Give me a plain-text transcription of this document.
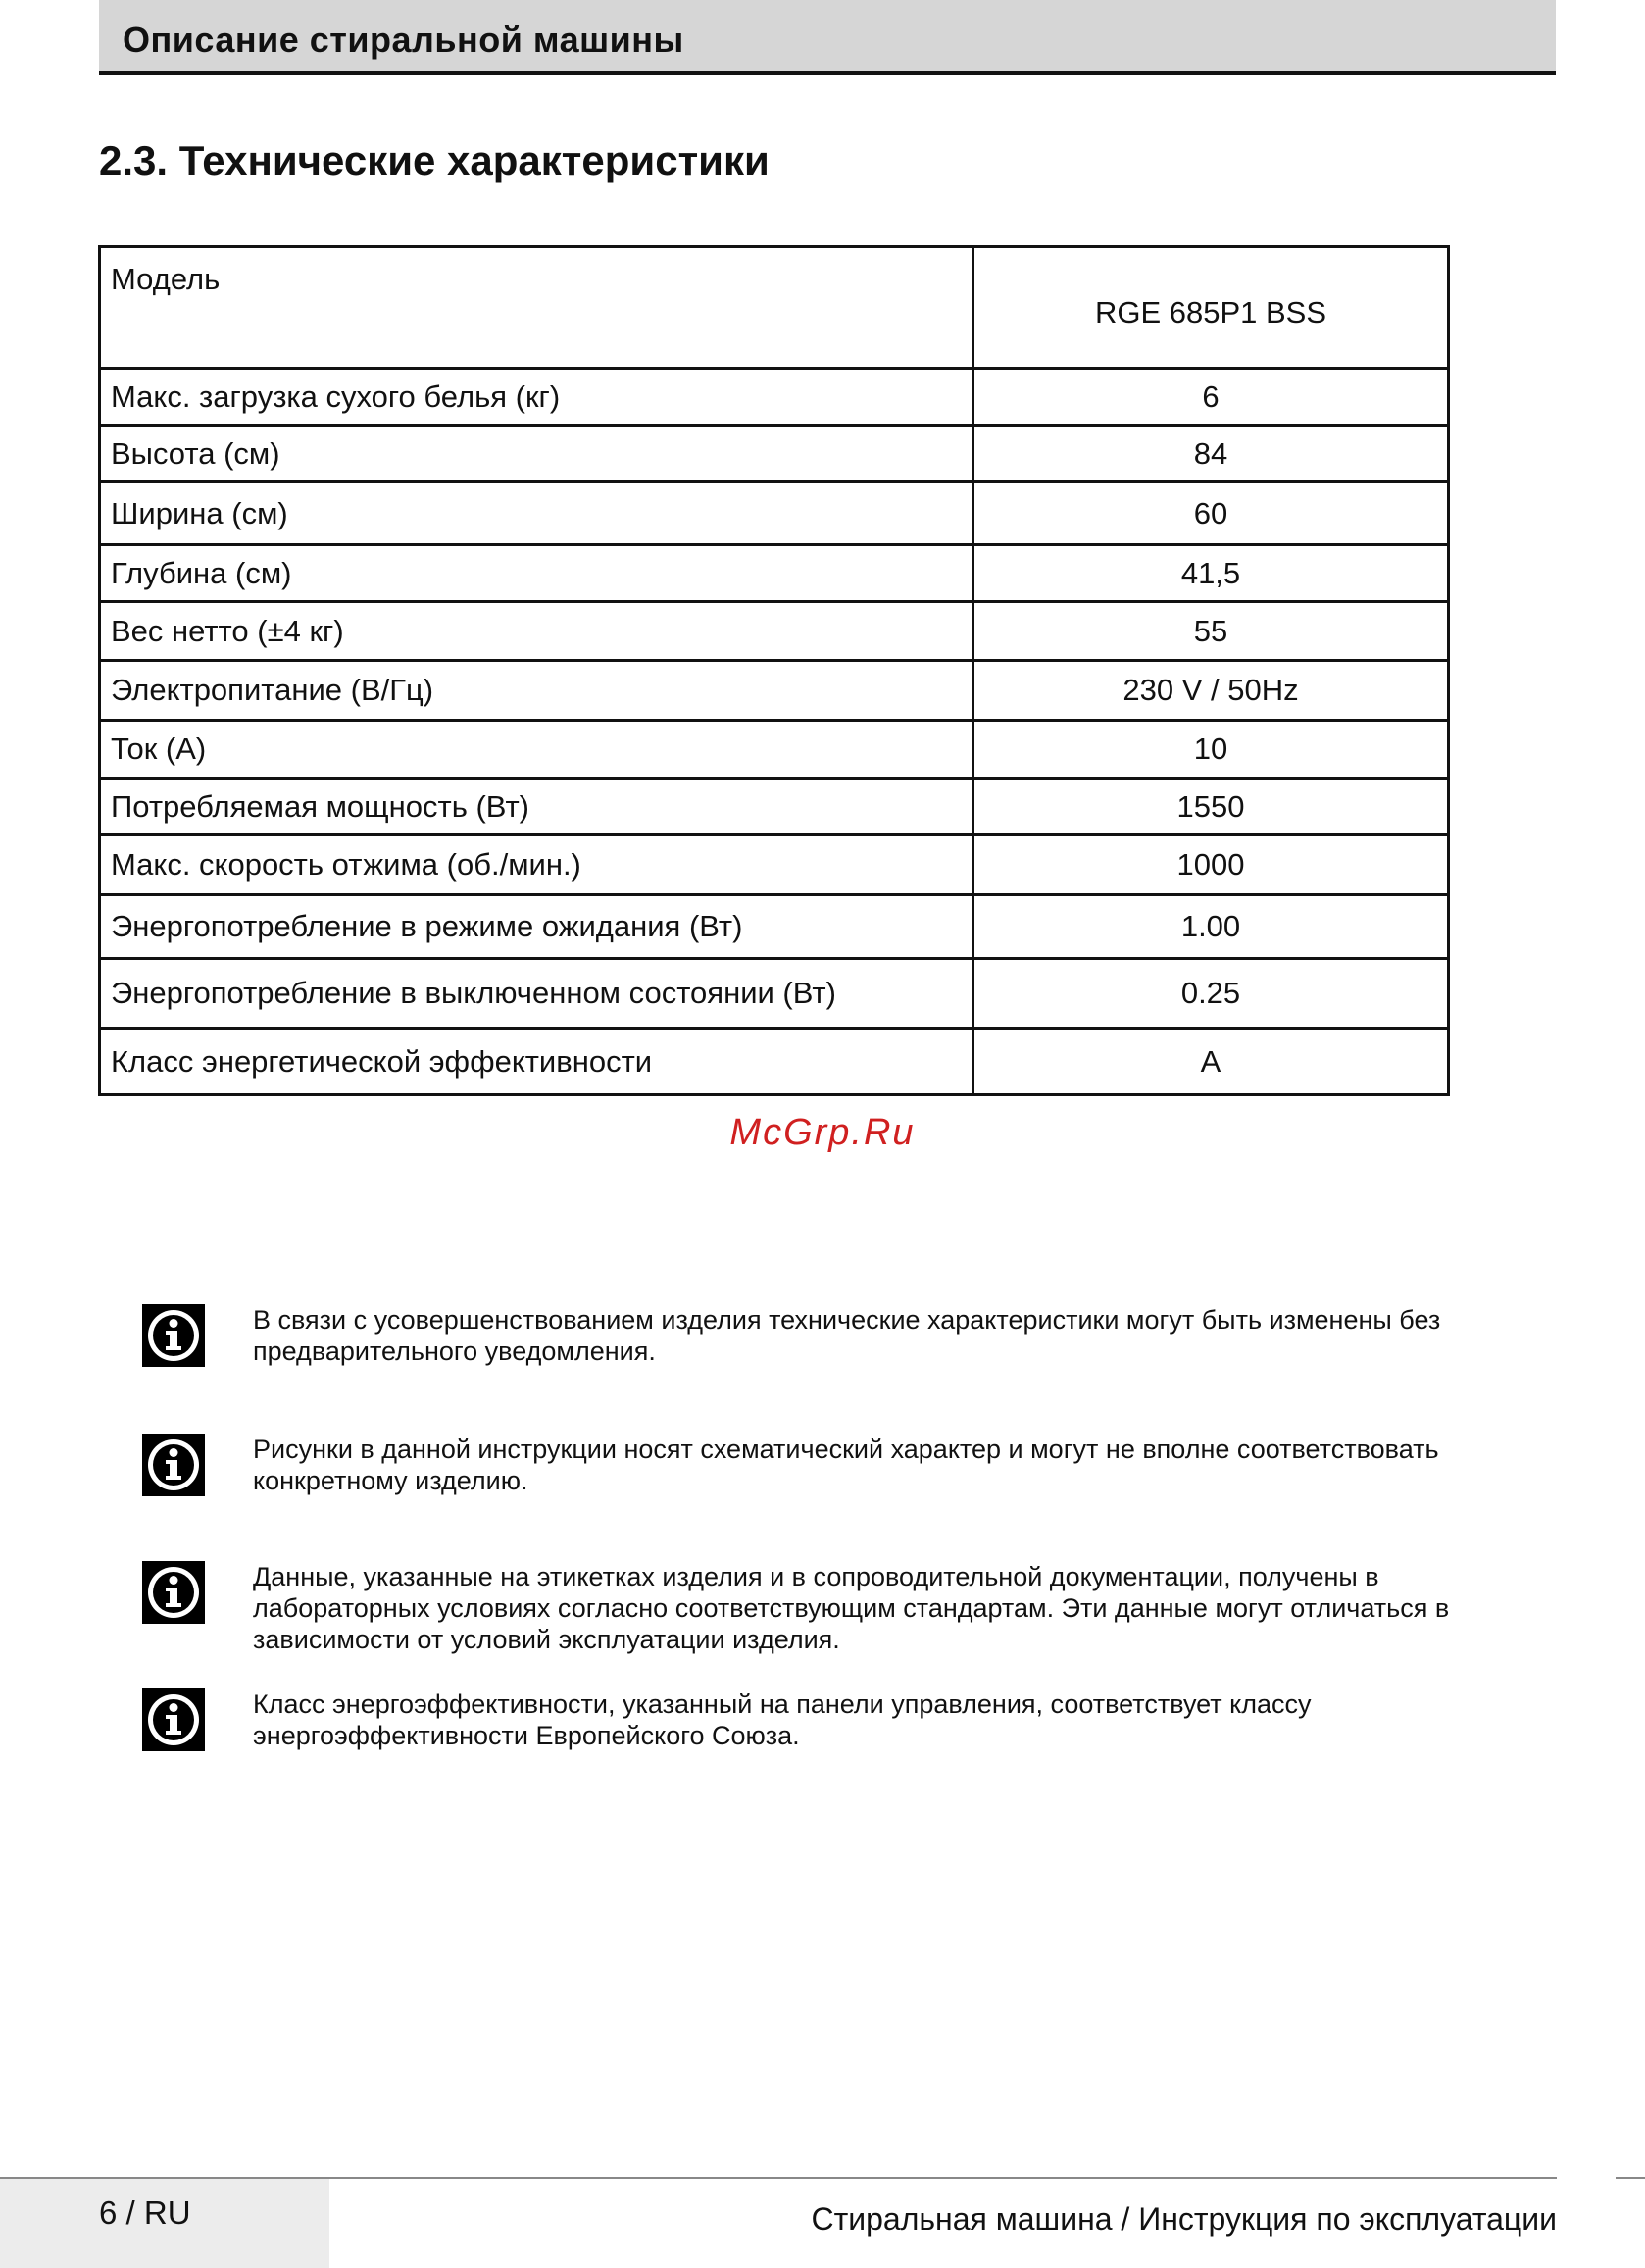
Описание стиральной машины
2.3. Технические характеристики
Модель	RGE 685P1 BSS
Макс. загрузка сухого белья (кг)	6
Высота (см)	84
Ширина (см)	60
Глубина (см)	41,5
Вес нетто (±4 кг)	55
Электропитание (В/Гц)	230 V / 50Hz
Ток (А)	10
Потребляемая мощность (Вт)	1550
Макс. скорость отжима (об./мин.)	1000
Энергопотребление в режиме ожидания (Вт)	1.00
Энергопотребление в выключенном состоянии (Вт)	0.25
Класс энергетической эффективности	A
McGrp.Ru
В связи с усовершенствованием изделия технические характеристики могут быть изменены без
предварительного уведомления.
Рисунки в данной инструкции носят схематический характер и могут не вполне соответствовать
конкретному изделию.
Данные, указанные на этикетках изделия и в сопроводительной документации, получены в
лабораторных условиях согласно соответствующим стандартам. Эти данные могут отличаться в
зависимости от условий эксплуатации изделия.
Класс энергоэффективности, указанный на панели управления, соответствует классу
энергоэффективности Европейского Союза.
6 / RU	Стиральная машина / Инструкция по эксплуатации
